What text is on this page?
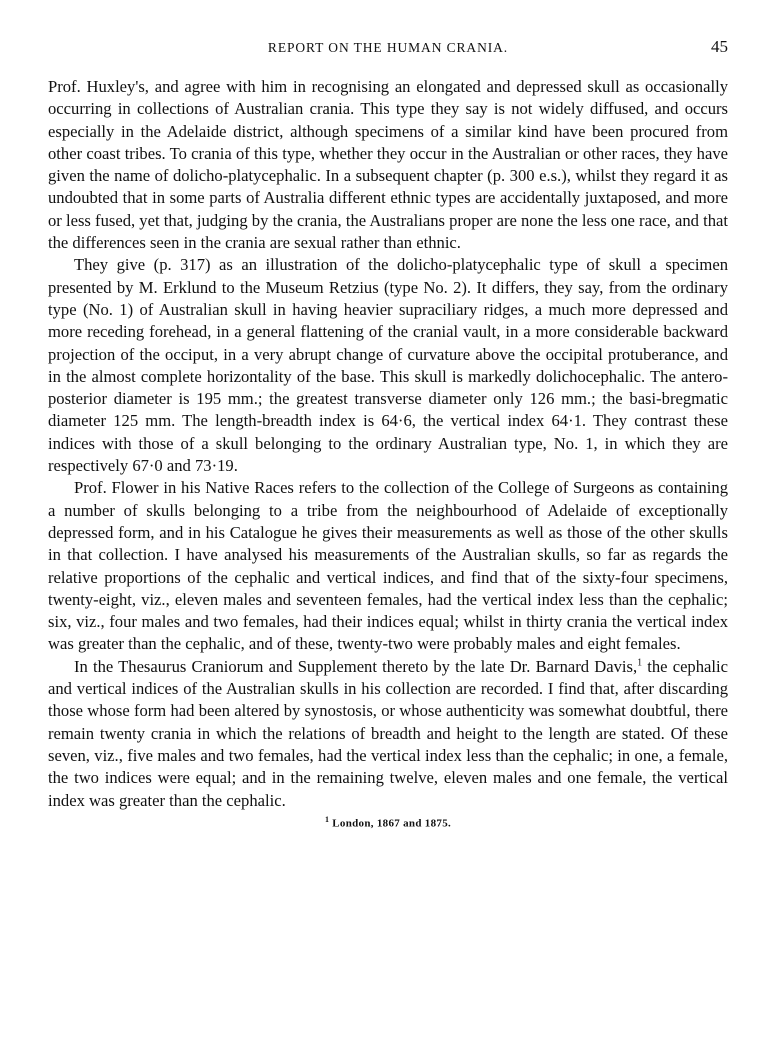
REPORT ON THE HUMAN CRANIA.	45

Prof. Huxley's, and agree with him in recognising an elongated and depressed skull as occasionally occurring in collections of Australian crania. This type they say is not widely diffused, and occurs especially in the Adelaide district, although specimens of a similar kind have been procured from other coast tribes. To crania of this type, whether they occur in the Australian or other races, they have given the name of dolicho-platycephalic. In a subsequent chapter (p. 300 e.s.), whilst they regard it as undoubted that in some parts of Australia different ethnic types are accidentally juxtaposed, and more or less fused, yet that, judging by the crania, the Australians proper are none the less one race, and that the differences seen in the crania are sexual rather than ethnic.

They give (p. 317) as an illustration of the dolicho-platycephalic type of skull a specimen presented by M. Erklund to the Museum Retzius (type No. 2). It differs, they say, from the ordinary type (No. 1) of Australian skull in having heavier supraciliary ridges, a much more depressed and more receding forehead, in a general flattening of the cranial vault, in a more considerable backward projection of the occiput, in a very abrupt change of curvature above the occipital protuberance, and in the almost complete horizontality of the base. This skull is markedly dolichocephalic. The antero-posterior diameter is 195 mm.; the greatest transverse diameter only 126 mm.; the basi-bregmatic diameter 125 mm. The length-breadth index is 64·6, the vertical index 64·1. They contrast these indices with those of a skull belonging to the ordinary Australian type, No. 1, in which they are respectively 67·0 and 73·19.

Prof. Flower in his Native Races refers to the collection of the College of Surgeons as containing a number of skulls belonging to a tribe from the neighbourhood of Adelaide of exceptionally depressed form, and in his Catalogue he gives their measurements as well as those of the other skulls in that collection. I have analysed his measurements of the Australian skulls, so far as regards the relative proportions of the cephalic and vertical indices, and find that of the sixty-four specimens, twenty-eight, viz., eleven males and seventeen females, had the vertical index less than the cephalic; six, viz., four males and two females, had their indices equal; whilst in thirty crania the vertical index was greater than the cephalic, and of these, twenty-two were probably males and eight females.

In the Thesaurus Craniorum and Supplement thereto by the late Dr. Barnard Davis,$^1$ the cephalic and vertical indices of the Australian skulls in his collection are recorded. I find that, after discarding those whose form had been altered by synostosis, or whose authenticity was somewhat doubtful, there remain twenty crania in which the relations of breadth and height to the length are stated. Of these seven, viz., five males and two females, had the vertical index less than the cephalic; in one, a female, the two indices were equal; and in the remaining twelve, eleven males and one female, the vertical index was greater than the cephalic.

$^1$ London, 1867 and 1875.
